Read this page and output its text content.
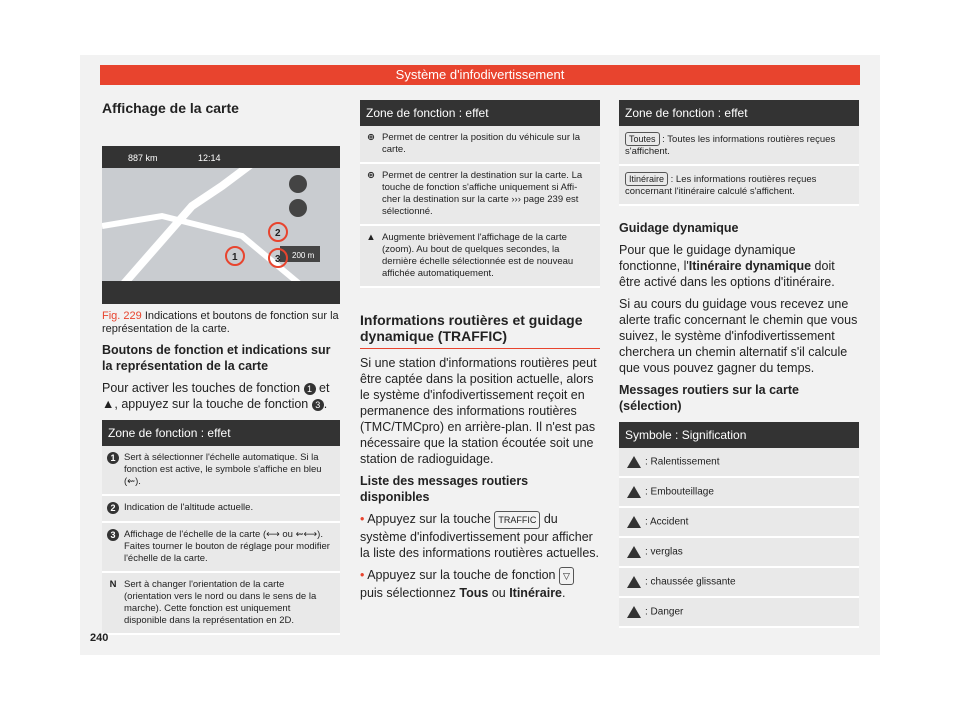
Système d'infodivertissement
Affichage de la carte
887 km	12:14
200 m
1
2
3
Fig. 229 Indications et boutons de fonction sur la représentation de la carte.

Boutons de fonction et indications sur la représentation de la carte

Pour activer les touches de fonction 1 et ▲, appuyez sur la touche de fonction 3 .

Zone de fonction : effet
1 Sert à sélectionner l'échelle automatique. Si la fonction est active, le symbole s'affiche en bleu (⇜).
2 Indication de l'altitude actuelle.
3 Affichage de l'échelle de la carte (⟷ ou ⇜⟷). Faites tourner le bouton de réglage pour modifier l'échelle de la carte.
N Sert à changer l'orientation de la carte (orientation vers le nord ou dans le sens de la marche). Cette fonction est uniquement disponible dans la représentation en 2D.
Zone de fonction : effet
⊕ Permet de centrer la position du véhicule sur la carte.
⊛ Permet de centrer la destination sur la carte. La touche de fonction s'affiche uniquement si Affi-cher la destination sur la carte ››› page 239 est sélectionné.
▲ Augmente brièvement l'affichage de la carte (zoom). Au bout de quelques secondes, la dernière échelle sélectionnée est de nouveau affichée automatiquement.
Informations routières et guidage dynamique (TRAFFIC)

Si une station d'informations routières peut être captée dans la position actuelle, alors le système d'infodivertissement reçoit en permanence des informations routières (TMC/TMCpro) en arrière-plan. Il n'est pas nécessaire que la station écoutée soit une station de radioguidage.

Liste des messages routiers disponibles

• Appuyez sur la touche TRAFFIC du système d'infodivertissement pour afficher la liste des informations routières actuelles.

• Appuyez sur la touche de fonction ▽ puis sélectionnez Tous ou Itinéraire.

Zone de fonction : effet
Toutes : Toutes les informations routières reçues s'affichent.
Itinéraire : Les informations routières reçues concernant l'itinéraire calculé s'affichent.

Guidage dynamique

Pour que le guidage dynamique fonctionne, l'Itinéraire dynamique doit être activé dans les options d'itinéraire.

Si au cours du guidage vous recevez une alerte trafic concernant le chemin que vous suivez, le système d'infodivertissement cherchera un chemin alternatif s'il calcule que vous pouvez gagner du temps.

Messages routiers sur la carte (sélection)

Symbole : Signification
: Ralentissement
: Embouteillage
: Accident
: verglas
: chaussée glissante
: Danger
240
